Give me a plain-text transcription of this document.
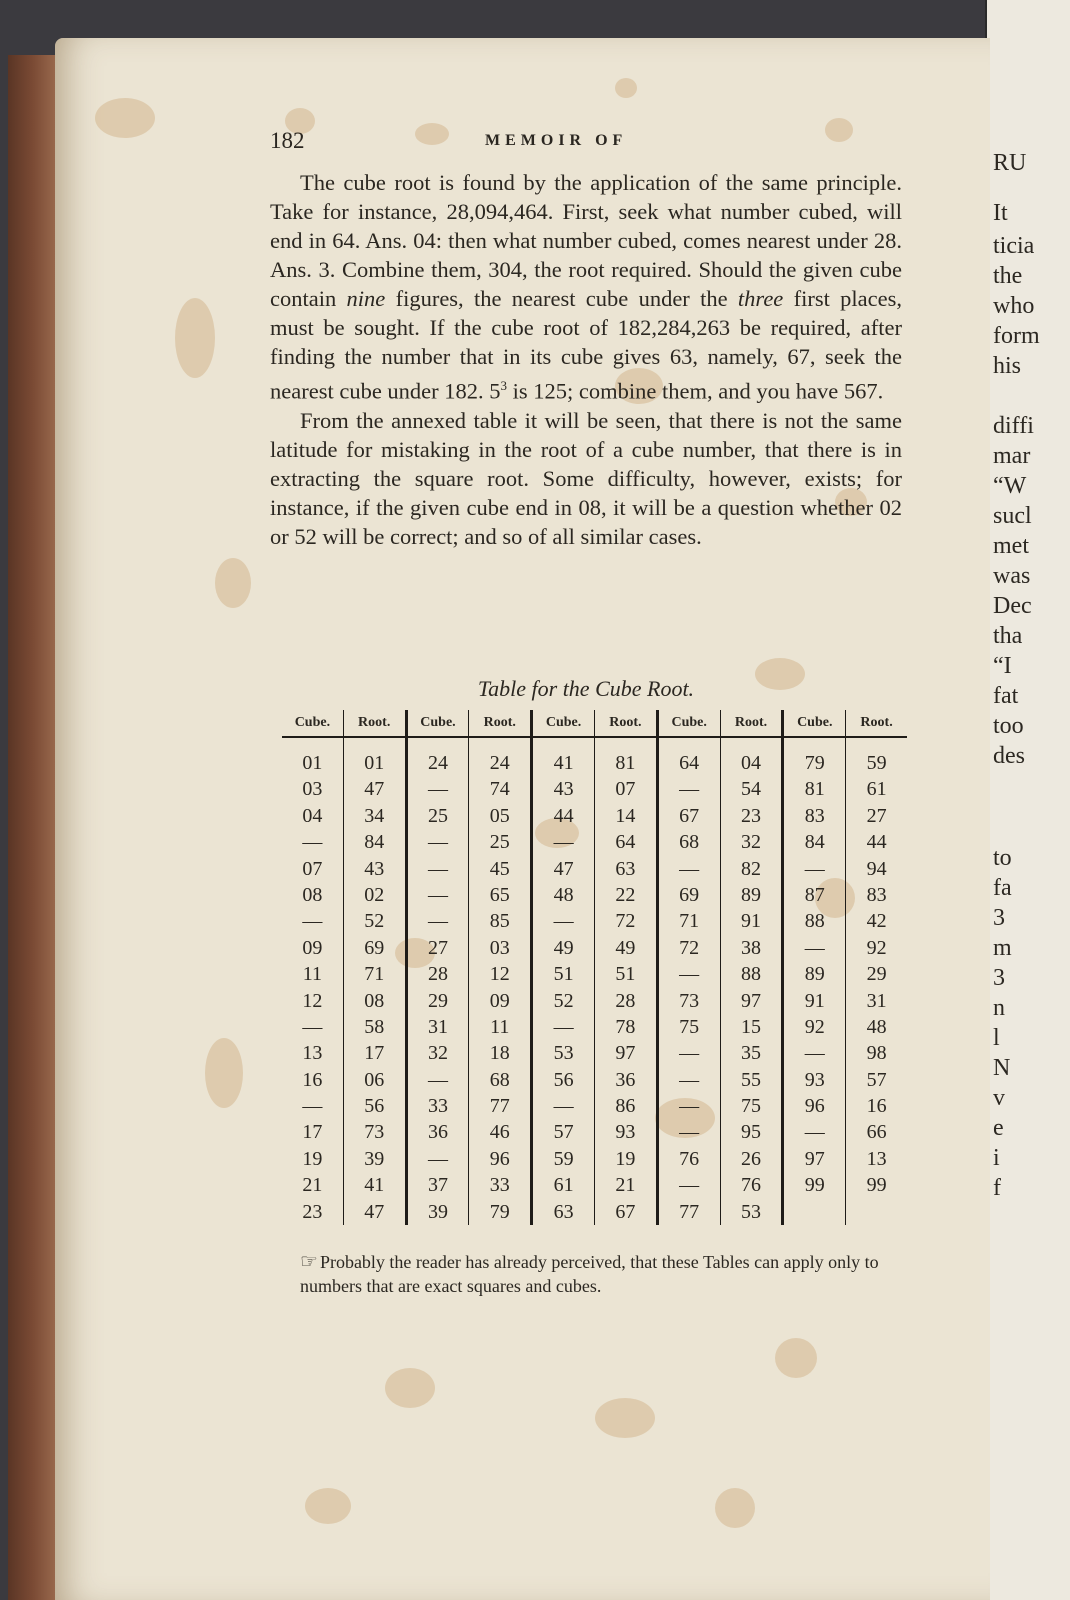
RU
It
ticia
the
who
form
his
diffi
mar
“W
sucl
met
was
Dec
tha
“I
fat
too
des
to
fa
3
m
3
n
l
N
v
e
i
f
182	MEMOIR OF

The cube root is found by the application of the same principle. Take for instance, 28,094,464. First, seek what number cubed, will end in 64. Ans. 04: then what number cubed, comes nearest under 28. Ans. 3. Combine them, 304, the root required. Should the given cube contain nine figures, the nearest cube under the three first places, must be sought. If the cube root of 182,284,263 be required, after finding the number that in its cube gives 63, namely, 67, seek the nearest cube under 182. $5^3$ is 125; combine them, and you have 567.

From the annexed table it will be seen, that there is not the same latitude for mistaking in the root of a cube number, that there is in extracting the square root. Some difficulty, however, exists; for instance, if the given cube end in 08, it will be a question whether 02 or 52 will be correct; and so of all similar cases.

Table for the Cube Root.
Cube.
01
03
04
—
07
08
—
09
11
12
—
13
16
—
17
19
21
23
Root.
01
47
34
84
43
02
52
69
71
08
58
17
06
56
73
39
41
47
Cube.
24
—
25
—
—
—
—
27
28
29
31
32
—
33
36
—
37
39
Root.
24
74
05
25
45
65
85
03
12
09
11
18
68
77
46
96
33
79
Cube.
41
43
44
—
47
48
—
49
51
52
—
53
56
—
57
59
61
63
Root.
81
07
14
64
63
22
72
49
51
28
78
97
36
86
93
19
21
67
Cube.
64
—
67
68
—
69
71
72
—
73
75
—
—
—
—
76
—
77
Root.
04
54
23
32
82
89
91
38
88
97
15
35
55
75
95
26
76
53
Cube.
79
81
83
84
—
87
88
—
89
91
92
—
93
96
—
97
99
Root.
59
61
27
44
94
83
42
92
29
31
48
98
57
16
66
13
99
☞ Probably the reader has already perceived, that these Tables can apply only to numbers that are exact squares and cubes.
